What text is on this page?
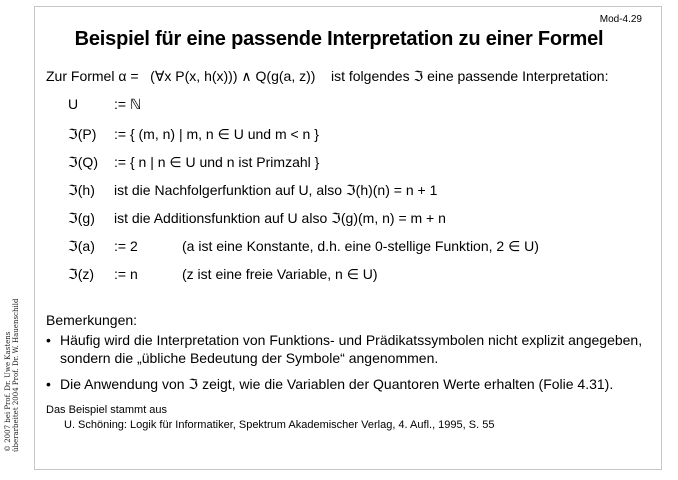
Mod-4.29
Beispiel für eine passende Interpretation zu einer Formel
Zur Formel α =   (∀x P(x, h(x))) ∧ Q(g(a, z))    ist folgendes ℑ eine passende Interpretation:
U	:= ℕ
ℑ(P) := { (m, n) | m, n ∈ U und m < n }
ℑ(Q) := { n | n ∈ U und n ist Primzahl }
ℑ(h) ist die Nachfolgerfunktion auf U, also ℑ(h)(n) = n + 1
ℑ(g) ist die Additionsfunktion auf U also ℑ(g)(m, n) = m + n
ℑ(a) := 2	(a ist eine Konstante, d.h. eine 0-stellige Funktion, 2 ∈ U)
ℑ(z) := n	(z ist eine freie Variable, n ∈ U)
Bemerkungen:
• Häufig wird die Interpretation von Funktions- und Prädikatssymbolen nicht explizit angegeben, sondern die „übliche Bedeutung der Symbole“ angenommen.
• Die Anwendung von ℑ zeigt, wie die Variablen der Quantoren Werte erhalten (Folie 4.31).
Das Beispiel stammt aus
U. Schöning: Logik für Informatiker, Spektrum Akademischer Verlag, 4. Aufl., 1995, S. 55
© 2007 bei Prof. Dr. Uwe Kastens überarbeitet 2004 Prof. Dr. W. Hauenschild
